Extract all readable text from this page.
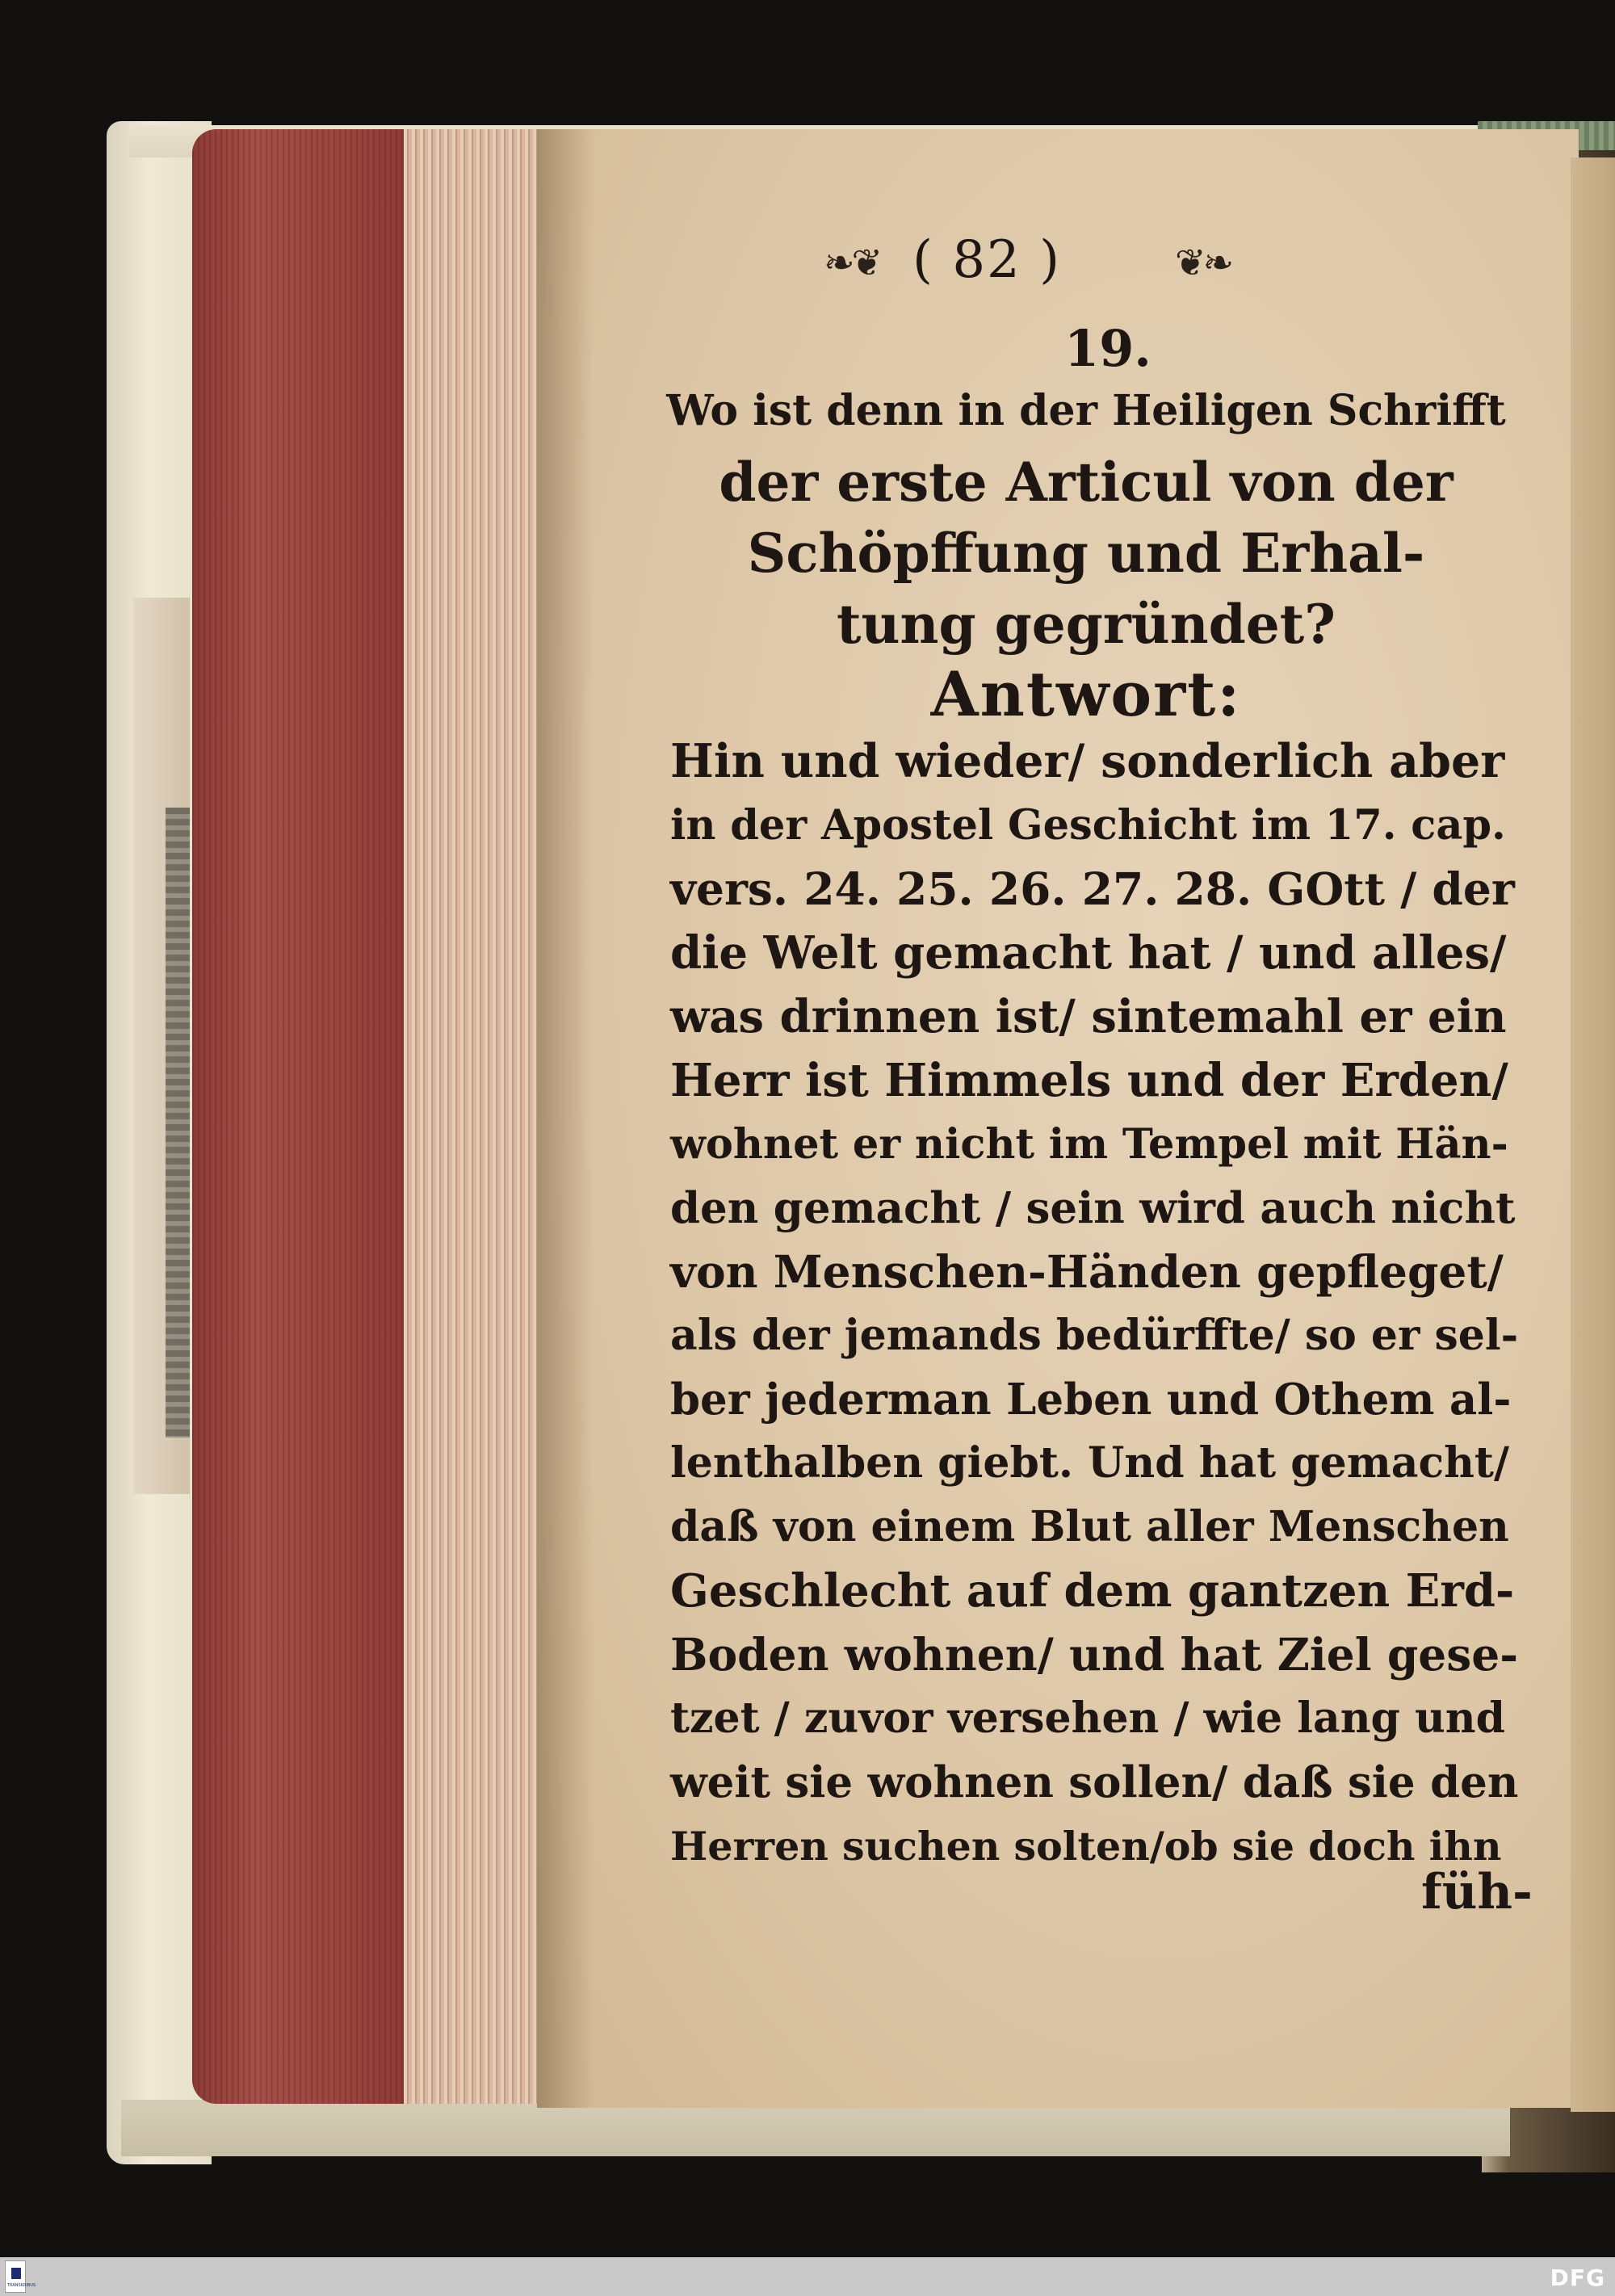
❧❦ ( 82 )	❦❧
19.
Wo ist denn in der Heiligen Schrifft
der erste Articul von der
Schöpffung und Erhal-
tung gegründet?
Antwort:
Hin und wieder/ sonderlich aber
in der Apostel Geschicht im 17. cap.
vers. 24. 25. 26. 27. 28. GOtt / der
die Welt gemacht hat / und alles/
was drinnen ist/ sintemahl er ein
Herr ist Himmels und der Erden/
wohnet er nicht im Tempel mit Hän-
den gemacht / sein wird auch nicht
von Menschen-Händen gepfleget/
als der jemands bedürffte/ so er sel-
ber jederman Leben und Othem al-
lenthalben giebt. Und hat gemacht/
daß von einem Blut aller Menschen
Geschlecht auf dem gantzen Erd-
Boden wohnen/ und hat Ziel gese-
tzet / zuvor versehen / wie lang und
weit sie wohnen sollen/ daß sie den
Herren suchen solten/ob sie doch ihn
füh-
TRANSKRIBUS	DFG
